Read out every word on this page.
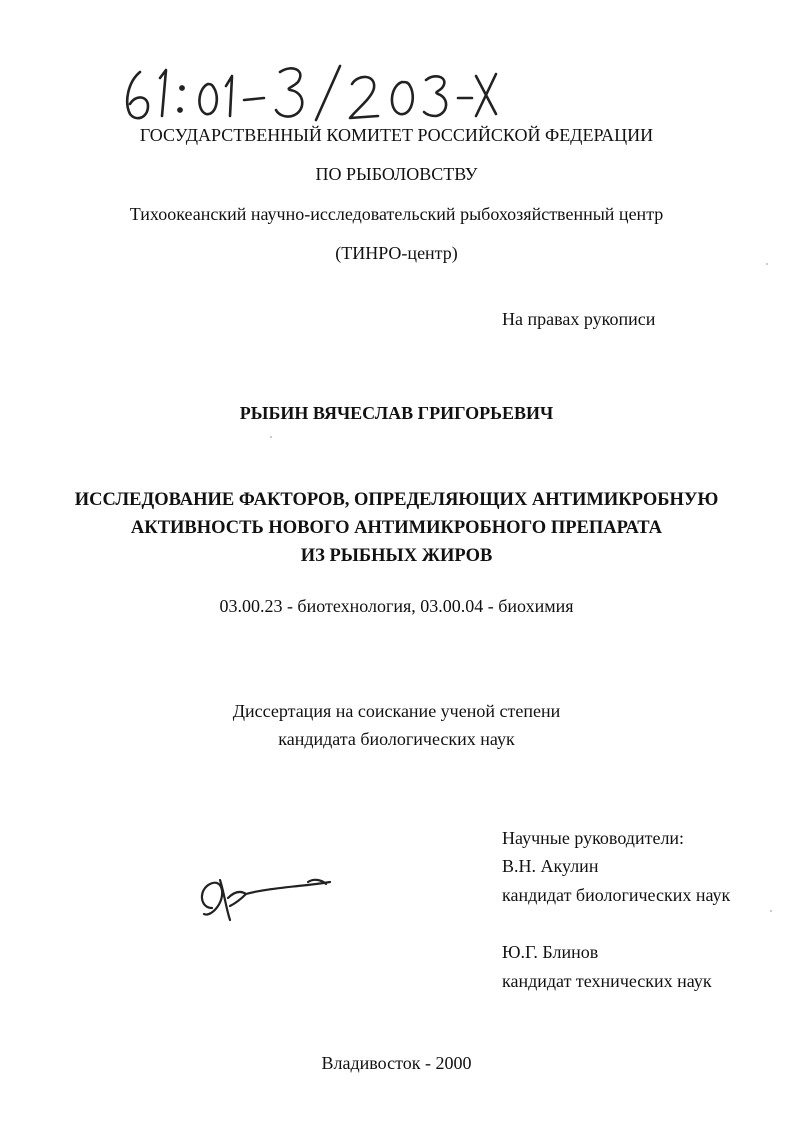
ГОСУДАРСТВЕННЫЙ КОМИТЕТ РОССИЙСКОЙ ФЕДЕРАЦИИ
ПО РЫБОЛОВСТВУ
Тихоокеанский научно-исследовательский рыбохозяйственный центр
(ТИНРО-центр)
На правах рукописи
РЫБИН ВЯЧЕСЛАВ ГРИГОРЬЕВИЧ
ИССЛЕДОВАНИЕ ФАКТОРОВ, ОПРЕДЕЛЯЮЩИХ АНТИМИКРОБНУЮ
АКТИВНОСТЬ НОВОГО АНТИМИКРОБНОГО ПРЕПАРАТА
ИЗ РЫБНЫХ ЖИРОВ
03.00.23 - биотехнология, 03.00.04 - биохимия
Диссертация на соискание ученой степени
кандидата биологических наук
Научные руководители:
В.Н. Акулин
кандидат биологических наук
Ю.Г. Блинов
кандидат технических наук
Владивосток - 2000
